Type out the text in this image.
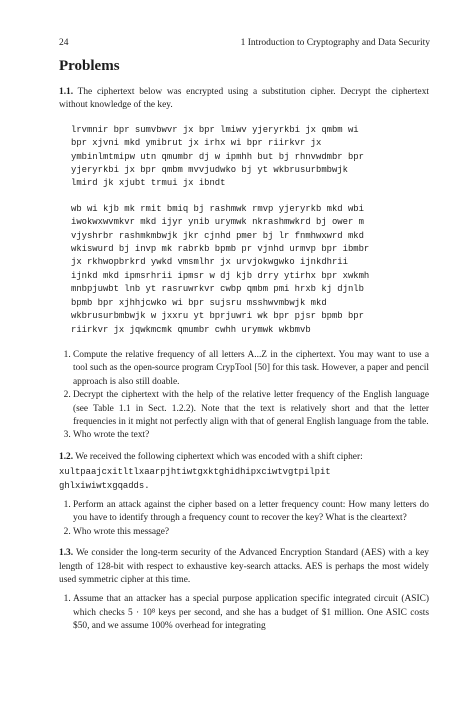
24	1 Introduction to Cryptography and Data Security
Problems

1.1. The ciphertext below was encrypted using a substitution cipher. Decrypt the ciphertext without knowledge of the key.

lrvmnir bpr sumvbwvr jx bpr lmiwv yjeryrkbi jx qmbm wi
bpr xjvni mkd ymibrut jx irhx wi bpr riirkvr jx
ymbinlmtmipw utn qmumbr dj w ipmhh but bj rhnvwdmbr bpr
yjeryrkbi jx bpr qmbm mvvjudwko bj yt wkbrusurbmbwjk
lmird jk xjubt trmui jx ibndt
wb wi kjb mk rmit bmiq bj rashmwk rmvp yjeryrkb mkd wbi
iwokwxwvmkvr mkd ijyr ynib urymwk nkrashmwkrd bj ower m
vjyshrbr rashmkmbwjk jkr cjnhd pmer bj lr fnmhwxwrd mkd
wkiswurd bj invp mk rabrkb bpmb pr vjnhd urmvp bpr ibmbr
jx rkhwopbrkrd ywkd vmsmlhr jx urvjokwgwko ijnkdhrii
ijnkd mkd ipmsrhrii ipmsr w dj kjb drry ytirhx bpr xwkmh
mnbpjuwbt lnb yt rasruwrkvr cwbp qmbm pmi hrxb kj djnlb
bpmb bpr xjhhjcwko wi bpr sujsru msshwvmbwjk mkd
wkbrusurbmbwjk w jxxru yt bprjuwri wk bpr pjsr bpmb bpr
riirkvr jx jqwkmcmk qmumbr cwhh urymwk wkbmvb
1. Compute the relative frequency of all letters A...Z in the ciphertext. You may want to use a tool such as the open-source program CrypTool [50] for this task. However, a paper and pencil approach is also still doable.
2. Decrypt the ciphertext with the help of the relative letter frequency of the English language (see Table 1.1 in Sect. 1.2.2). Note that the text is relatively short and that the letter frequencies in it might not perfectly align with that of general English language from the table.
3. Who wrote the text?

1.2. We received the following ciphertext which was encoded with a shift cipher:

xultpaajcxitltlxaarpjhtiwtgxktghidhipxciwtvgtpilpit
ghlxiwiwtxgqadds.
1. Perform an attack against the cipher based on a letter frequency count: How many letters do you have to identify through a frequency count to recover the key? What is the cleartext?
2. Who wrote this message?

1.3. We consider the long-term security of the Advanced Encryption Standard (AES) with a key length of 128-bit with respect to exhaustive key-search attacks. AES is perhaps the most widely used symmetric cipher at this time.

1. Assume that an attacker has a special purpose application specific integrated circuit (ASIC) which checks 5 · 10⁸ keys per second, and she has a budget of $1 million. One ASIC costs $50, and we assume 100% overhead for integrating
